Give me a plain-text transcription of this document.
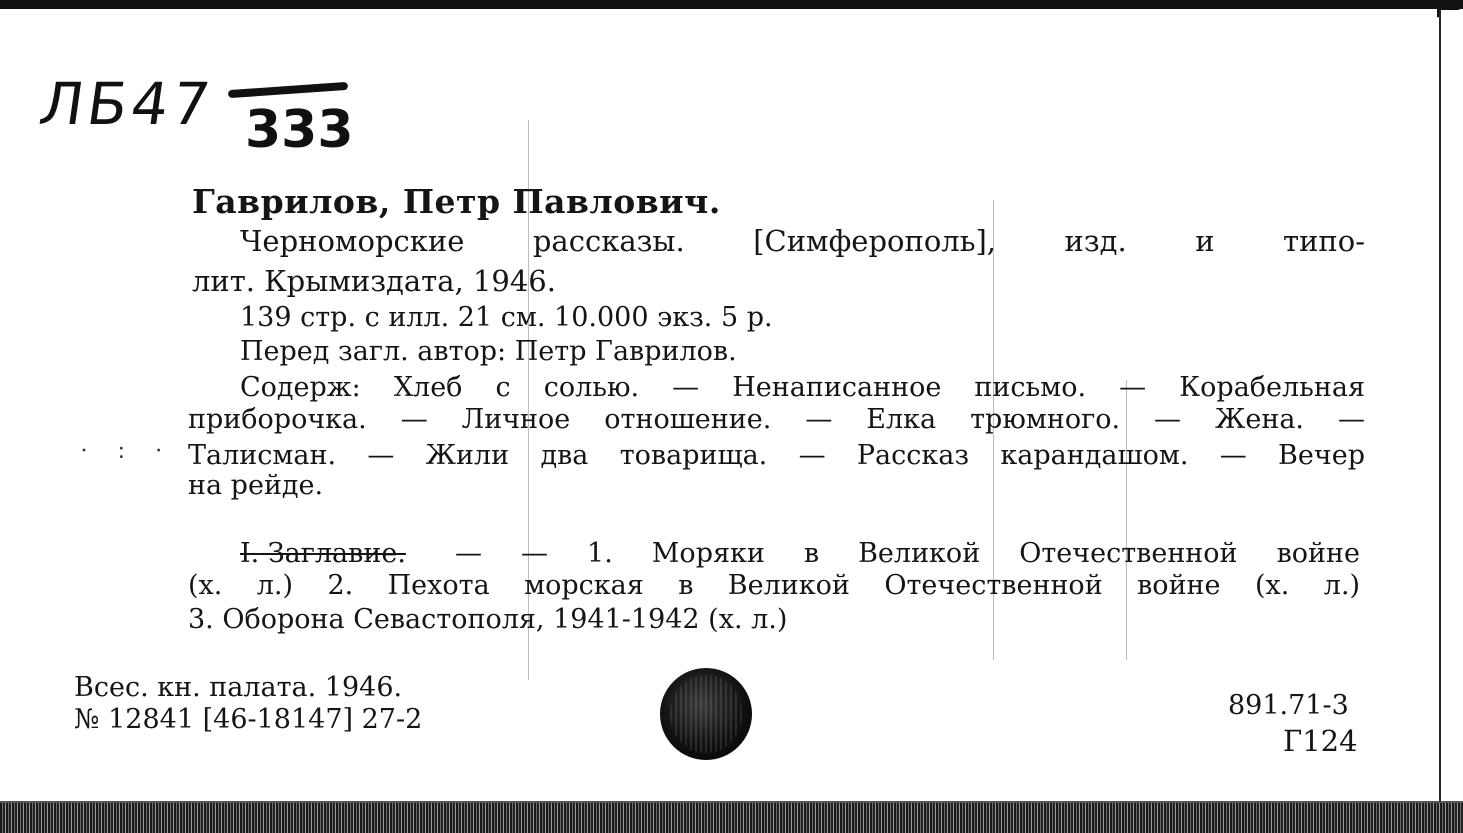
ЛБ47 333
Гаврилов, Петр Павлович.
Черноморские рассказы. [Симферополь], изд. и типо-
лит. Крымиздата, 1946.
139 стр. с илл. 21 см. 10.000 экз. 5 р.
Перед загл. автор: Петр Гаврилов.
Содерж: Хлеб с солью. — Ненаписанное письмо. — Корабельная
приборочка. — Личное отношение. — Елка трюмного. — Жена. —
Талисман. — Жили два товарища. — Рассказ карандашом. — Вечер
на рейде.
· : ·
I. Заглавие. — — 1. Моряки в Великой Отечественной войне
(х. л.) 2. Пехота морская в Великой Отечественной войне (х. л.)
3. Оборона Севастополя, 1941-1942 (х. л.)
Всес. кн. палата. 1946.
№ 12841 [46-18147] 27-2	891.71-3
Г124
